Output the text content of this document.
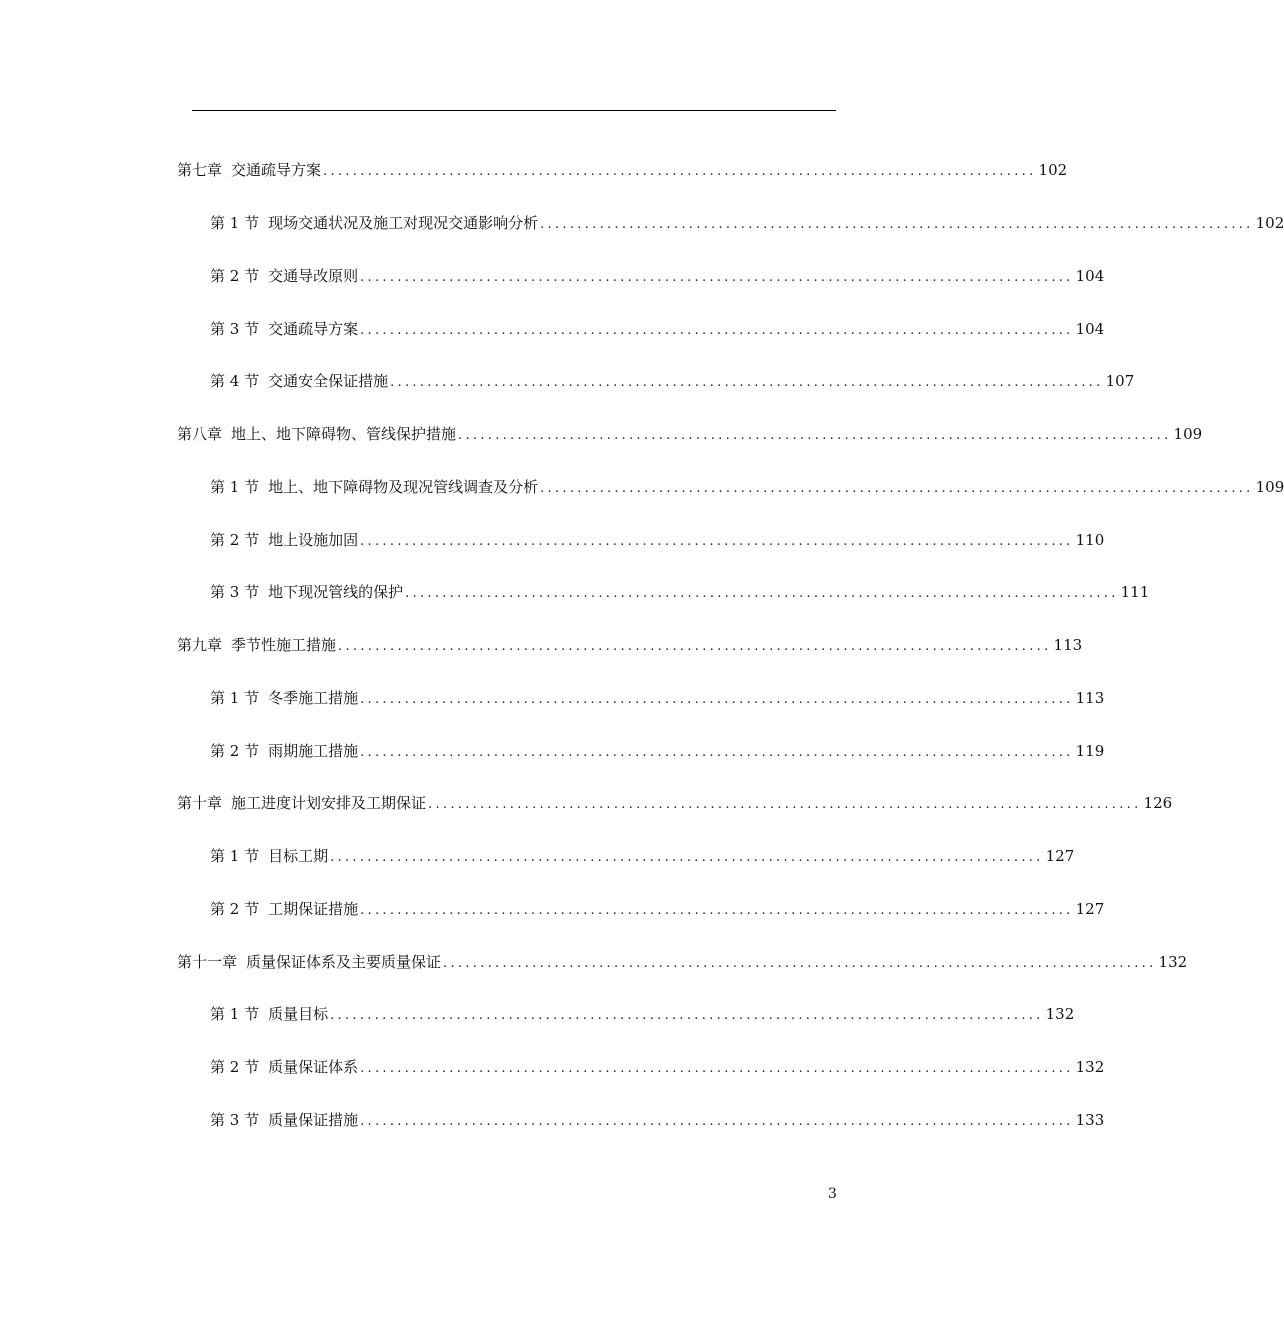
第七章 交通疏导方案 ................................................................................................ 102
第 1 节 现场交通状况及施工对现况交通影响分析 ................................................................................................ 102
第 2 节 交通导改原则 ................................................................................................ 104
第 3 节 交通疏导方案 ................................................................................................ 104
第 4 节 交通安全保证措施 ................................................................................................ 107
第八章 地上、地下障碍物、管线保护措施 ................................................................................................ 109
第 1 节 地上、地下障碍物及现况管线调查及分析 ................................................................................................ 109
第 2 节 地上设施加固 ................................................................................................ 110
第 3 节 地下现况管线的保护 ................................................................................................ 111
第九章 季节性施工措施 ................................................................................................ 113
第 1 节 冬季施工措施 ................................................................................................ 113
第 2 节 雨期施工措施 ................................................................................................ 119
第十章 施工进度计划安排及工期保证 ................................................................................................ 126
第 1 节 目标工期 ................................................................................................ 127
第 2 节 工期保证措施 ................................................................................................ 127
第十一章 质量保证体系及主要质量保证 ................................................................................................ 132
第 1 节 质量目标 ................................................................................................ 132
第 2 节 质量保证体系 ................................................................................................ 132
第 3 节 质量保证措施 ................................................................................................ 133
3
